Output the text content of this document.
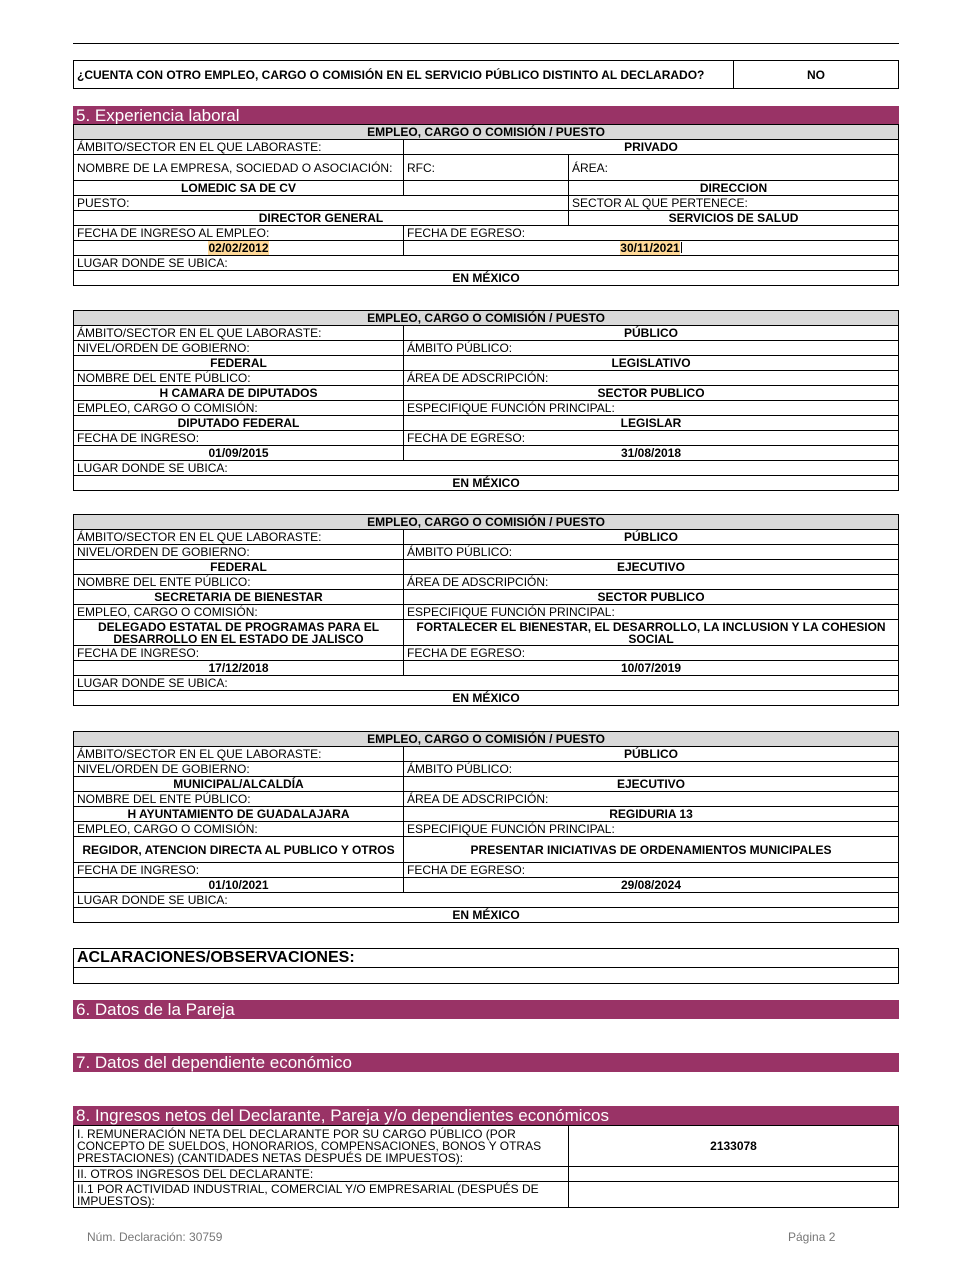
¿CUENTA CON OTRO EMPLEO, CARGO O COMISIÓN EN EL SERVICIO PÚBLICO DISTINTO AL DECLARADO?	NO
5. Experiencia laboral
EMPLEO, CARGO O COMISIÓN / PUESTO		
ÁMBITO/SECTOR EN EL QUE LABORASTE:	PRIVADO	
NOMBRE DE LA EMPRESA, SOCIEDAD O ASOCIACIÓN:	RFC:	ÁREA:
LOMEDIC SA DE CV		DIRECCION
PUESTO:		SECTOR AL QUE PERTENECE:
DIRECTOR GENERAL		SERVICIOS DE SALUD
FECHA DE INGRESO AL EMPLEO:	FECHA DE EGRESO:	
02/02/2012	30/11/2021	
LUGAR DONDE SE UBICA:		
EN MÉXICO		
EMPLEO, CARGO O COMISIÓN / PUESTO	
ÁMBITO/SECTOR EN EL QUE LABORASTE:	PÚBLICO
NIVEL/ORDEN DE GOBIERNO:	ÁMBITO PÚBLICO:
FEDERAL	LEGISLATIVO
NOMBRE DEL ENTE PÚBLICO:	ÁREA DE ADSCRIPCIÓN:
H CAMARA DE DIPUTADOS	SECTOR PUBLICO
EMPLEO, CARGO O COMISIÓN:	ESPECIFIQUE FUNCIÓN PRINCIPAL:
DIPUTADO FEDERAL	LEGISLAR
FECHA DE INGRESO:	FECHA DE EGRESO:
01/09/2015	31/08/2018
LUGAR DONDE SE UBICA:	
EN MÉXICO	
EMPLEO, CARGO O COMISIÓN / PUESTO	
ÁMBITO/SECTOR EN EL QUE LABORASTE:	PÚBLICO
NIVEL/ORDEN DE GOBIERNO:	ÁMBITO PÚBLICO:
FEDERAL	EJECUTIVO
NOMBRE DEL ENTE PÚBLICO:	ÁREA DE ADSCRIPCIÓN:
SECRETARIA DE BIENESTAR	SECTOR PUBLICO
EMPLEO, CARGO O COMISIÓN:	ESPECIFIQUE FUNCIÓN PRINCIPAL:
DELEGADO ESTATAL DE PROGRAMAS PARA EL DESARROLLO EN EL ESTADO DE JALISCO	FORTALECER EL BIENESTAR, EL DESARROLLO, LA INCLUSION Y LA COHESION SOCIAL
FECHA DE INGRESO:	FECHA DE EGRESO:
17/12/2018	10/07/2019
LUGAR DONDE SE UBICA:	
EN MÉXICO	
EMPLEO, CARGO O COMISIÓN / PUESTO	
ÁMBITO/SECTOR EN EL QUE LABORASTE:	PÚBLICO
NIVEL/ORDEN DE GOBIERNO:	ÁMBITO PÚBLICO:
MUNICIPAL/ALCALDÍA	EJECUTIVO
NOMBRE DEL ENTE PÚBLICO:	ÁREA DE ADSCRIPCIÓN:
H AYUNTAMIENTO DE GUADALAJARA	REGIDURIA 13
EMPLEO, CARGO O COMISIÓN:	ESPECIFIQUE FUNCIÓN PRINCIPAL:
REGIDOR, ATENCION DIRECTA AL PUBLICO Y OTROS	PRESENTAR INICIATIVAS DE ORDENAMIENTOS MUNICIPALES
FECHA DE INGRESO:	FECHA DE EGRESO:
01/10/2021	29/08/2024
LUGAR DONDE SE UBICA:	
EN MÉXICO	
ACLARACIONES/OBSERVACIONES:

6. Datos de la Pareja
7. Datos del dependiente económico
8. Ingresos netos del Declarante, Pareja y/o dependientes económicos
I. REMUNERACIÓN NETA DEL DECLARANTE POR SU CARGO PÚBLICO (POR CONCEPTO DE SUELDOS, HONORARIOS, COMPENSACIONES, BONOS Y OTRAS PRESTACIONES) (CANTIDADES NETAS DESPUÉS DE IMPUESTOS):	2133078
II. OTROS INGRESOS DEL DECLARANTE:	
II.1 POR ACTIVIDAD INDUSTRIAL, COMERCIAL Y/O EMPRESARIAL (DESPUÉS DE IMPUESTOS):	
Núm. Declaración: 30759	Página 2
